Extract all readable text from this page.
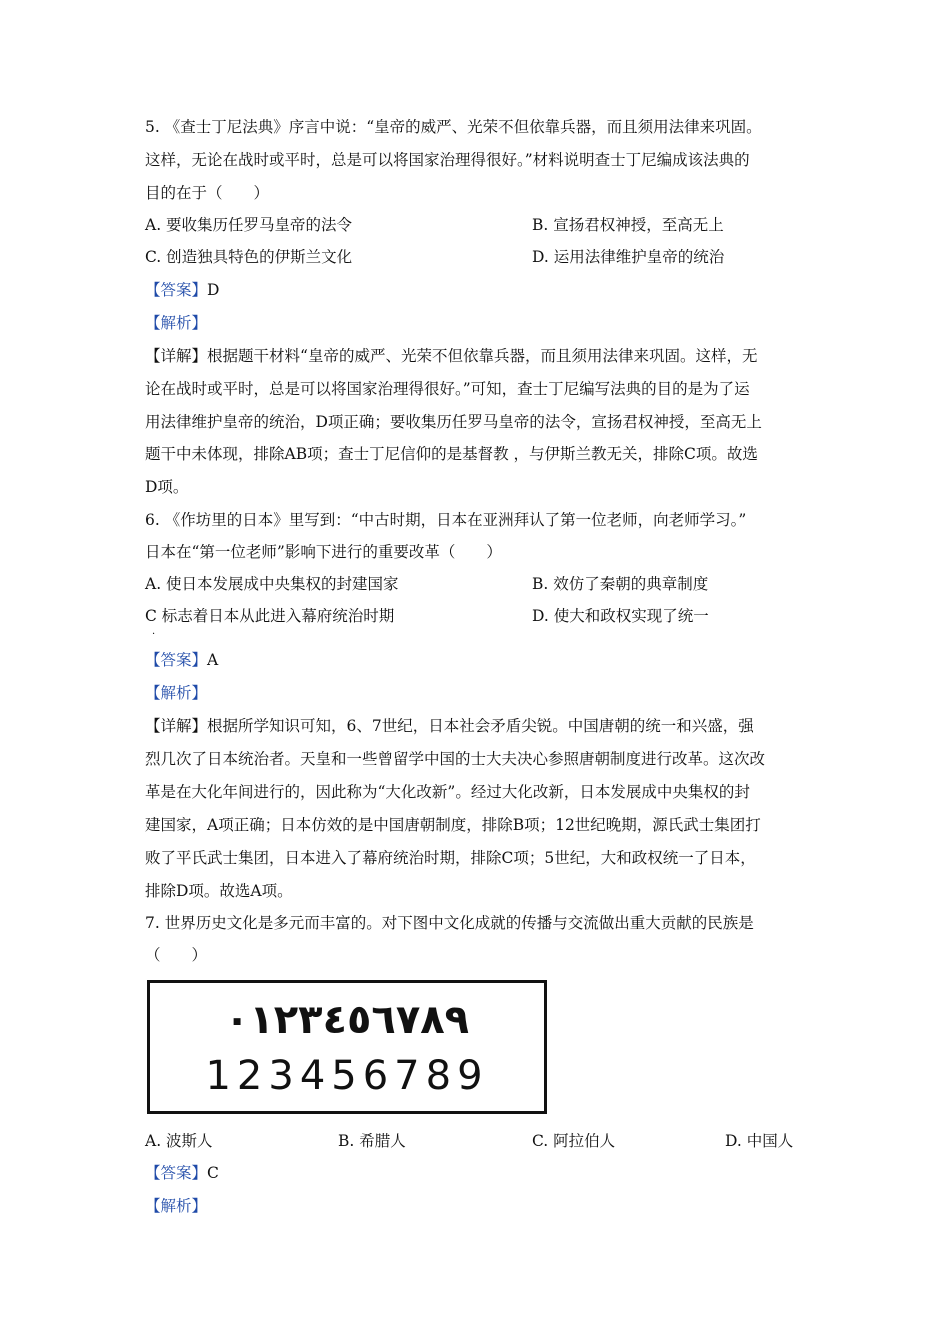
5. 《查士丁尼法典》序言中说：“皇帝的威严、光荣不但依靠兵器，而且须用法律来巩固。
这样，无论在战时或平时，总是可以将国家治理得很好。”材料说明查士丁尼编成该法典的
目的在于（　　）
A. 要收集历任罗马皇帝的法令	B. 宣扬君权神授，至高无上
C. 创造独具特色的伊斯兰文化	D. 运用法律维护皇帝的统治
【答案】D
【解析】
【详解】根据题干材料“皇帝的威严、光荣不但依靠兵器，而且须用法律来巩固。这样，无
论在战时或平时，总是可以将国家治理得很好。”可知，查士丁尼编写法典的目的是为了运
用法律维护皇帝的统治，D项正确；要收集历任罗马皇帝的法令，宣扬君权神授，至高无上
题干中未体现，排除AB项；查士丁尼信仰的是基督教 ，与伊斯兰教无关，排除C项。故选
D项。
6. 《作坊里的日本》里写到：“中古时期，日本在亚洲拜认了第一位老师，向老师学习。”
日本在“第一位老师”影响下进行的重要改革（　　）
A. 使日本发展成中央集权的封建国家	B. 效仿了秦朝的典章制度
C 标志着日本从此进入幕府统治时期	D. 使大和政权实现了统一
·
【答案】A
【解析】
【详解】根据所学知识可知，6、7世纪，日本社会矛盾尖锐。中国唐朝的统一和兴盛，强
烈几次了日本统治者。天皇和一些曾留学中国的士大夫决心参照唐朝制度进行改革。这次改
革是在大化年间进行的，因此称为“大化改新”。经过大化改新，日本发展成中央集权的封
建国家，A项正确；日本仿效的是中国唐朝制度，排除B项；12世纪晚期，源氏武士集团打
败了平氏武士集团，日本进入了幕府统治时期，排除C项；5世纪，大和政权统一了日本，
排除D项。故选A项。
7. 世界历史文化是多元而丰富的。对下图中文化成就的传播与交流做出重大贡献的民族是
（　　）
٠١٢٣٤٥٦٧٨٩
123456789
A. 波斯人	B. 希腊人	C. 阿拉伯人	D. 中国人
【答案】C
【解析】
